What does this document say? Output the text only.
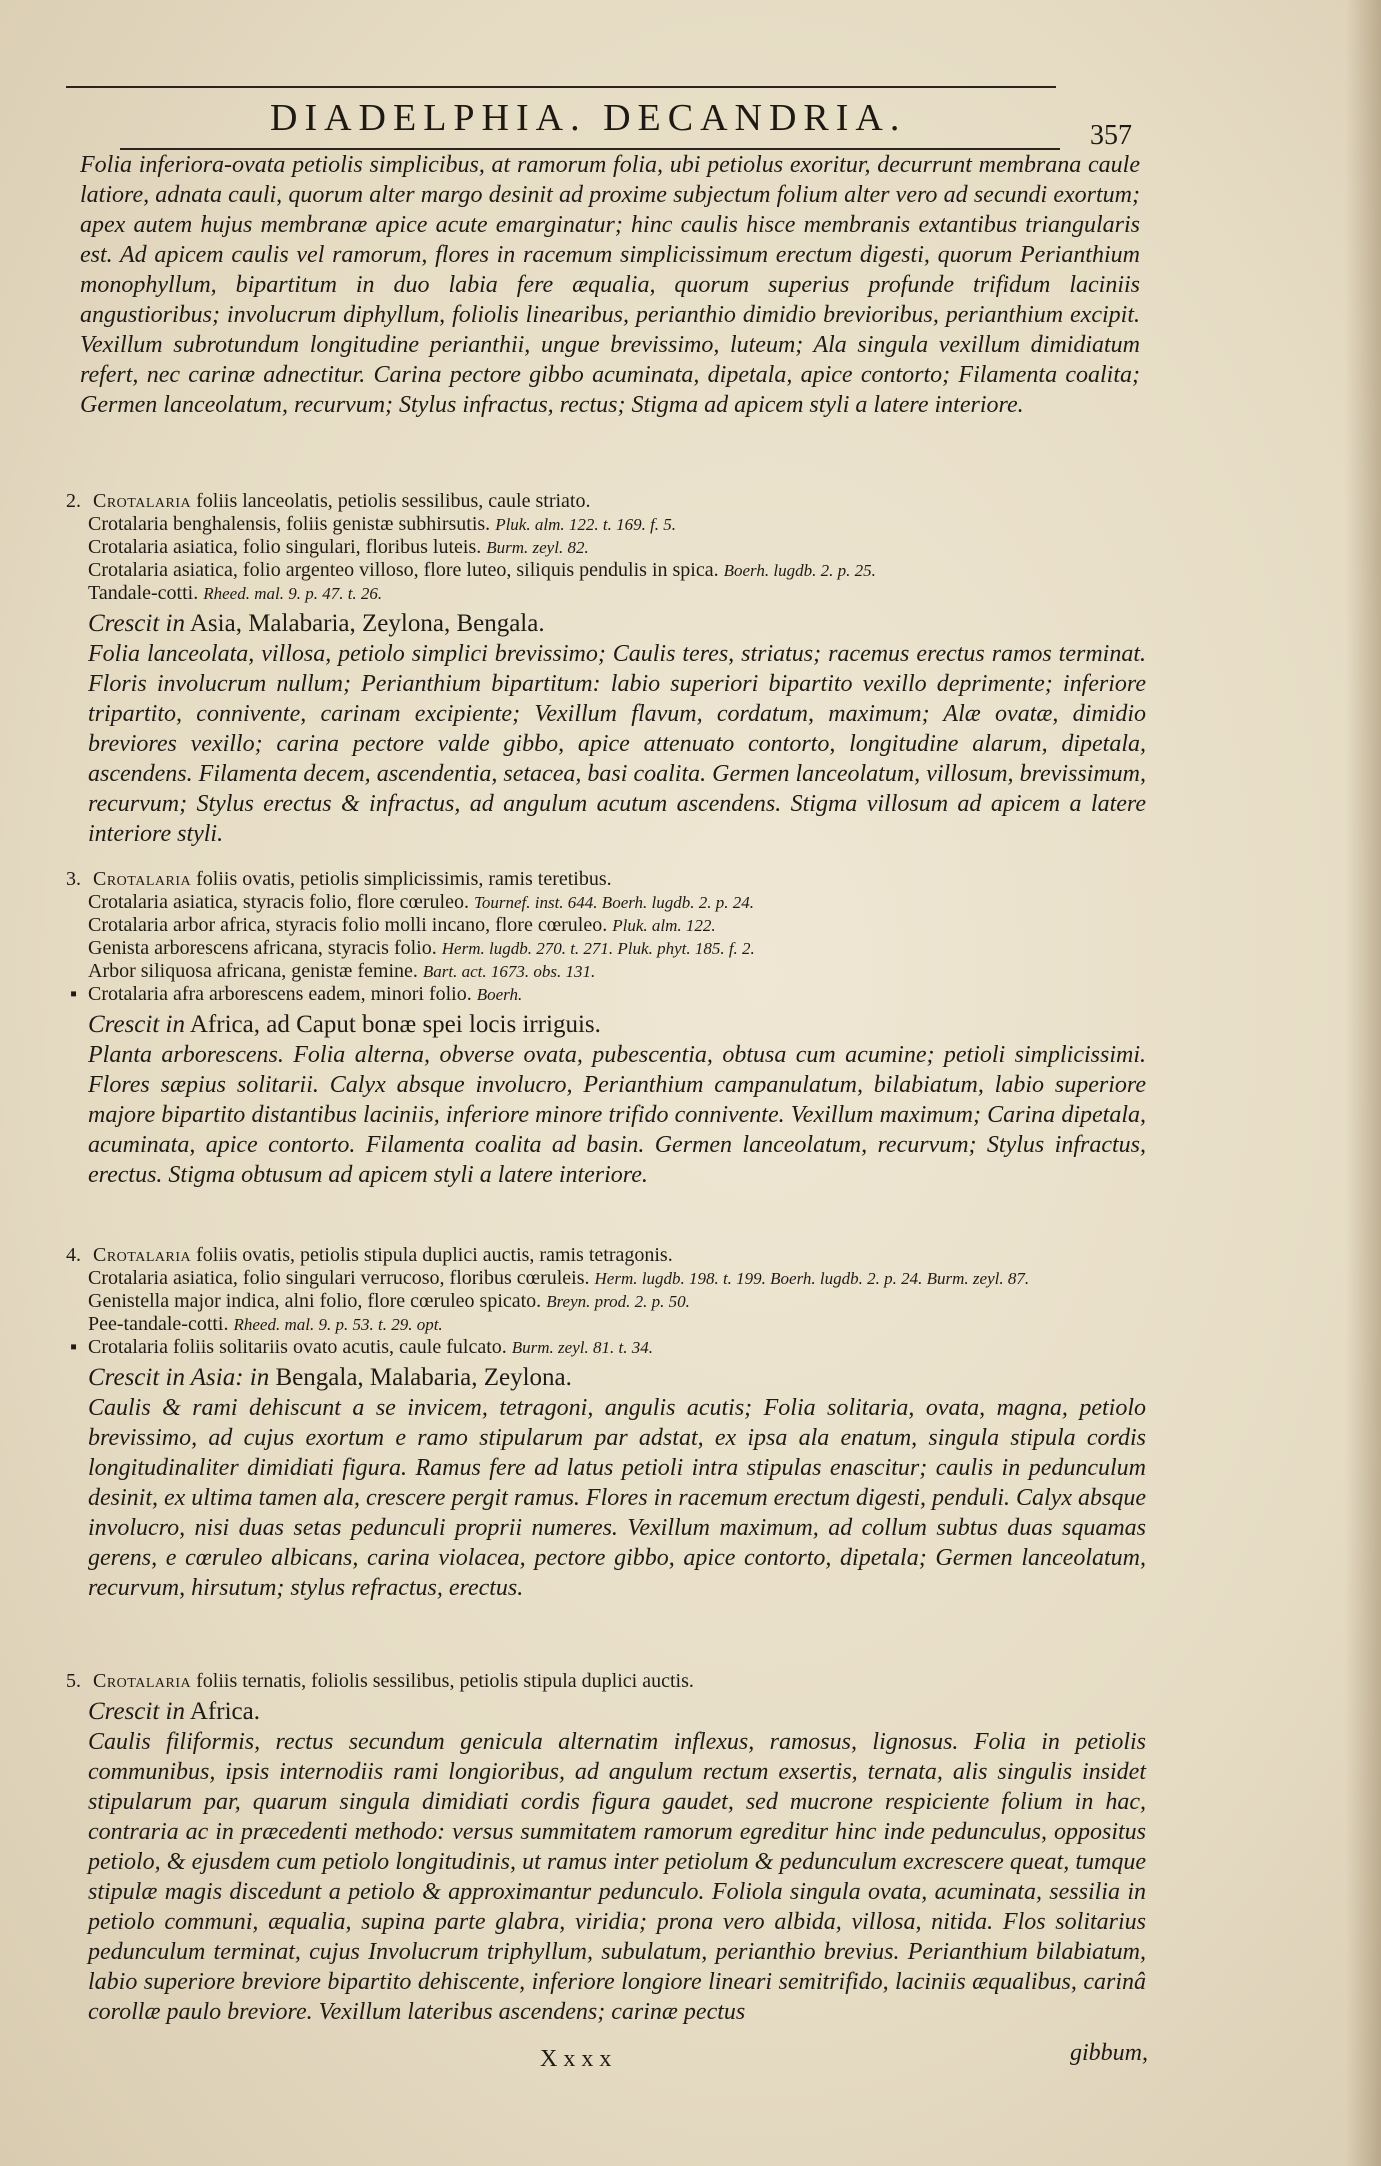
DIADELPHIA. DECANDRIA.	357

Folia inferiora-ovata petiolis simplicibus, at ramorum folia, ubi petiolus exoritur, decurrunt membrana caule latiore, adnata cauli, quorum alter margo desinit ad proxime subjectum folium alter vero ad secundi exortum; apex autem hujus membranæ apice acute emarginatur; hinc caulis hisce membranis extantibus triangularis est. Ad apicem caulis vel ramorum, flores in racemum simplicissimum erectum digesti, quorum Perianthium monophyllum, bipartitum in duo labia fere æqualia, quorum superius profunde trifidum laciniis angustioribus; involucrum diphyllum, foliolis linearibus, perianthio dimidio brevioribus, perianthium excipit. Vexillum subrotundum longitudine perianthii, ungue brevissimo, luteum; Ala singula vexillum dimidiatum refert, nec carinæ adnectitur. Carina pectore gibbo acuminata, dipetala, apice contorto; Filamenta coalita; Germen lanceolatum, recurvum; Stylus infractus, rectus; Stigma ad apicem styli a latere interiore.

2. Crotalaria foliis lanceolatis, petiolis sessilibus, caule striato.

Crotalaria benghalensis, foliis genistæ subhirsutis. Pluk. alm. 122. t. 169. f. 5.

Crotalaria asiatica, folio singulari, floribus luteis. Burm. zeyl. 82.

Crotalaria asiatica, folio argenteo villoso, flore luteo, siliquis pendulis in spica. Boerh. lugdb. 2. p. 25.

Tandale-cotti. Rheed. mal. 9. p. 47. t. 26.

Crescit in Asia, Malabaria, Zeylona, Bengala.

Folia lanceolata, villosa, petiolo simplici brevissimo; Caulis teres, striatus; racemus erectus ramos terminat. Floris involucrum nullum; Perianthium bipartitum: labio superiori bipartito vexillo deprimente; inferiore tripartito, connivente, carinam excipiente; Vexillum flavum, cordatum, maximum; Alæ ovatæ, dimidio breviores vexillo; carina pectore valde gibbo, apice attenuato contorto, longitudine alarum, dipetala, ascendens. Filamenta decem, ascendentia, setacea, basi coalita. Germen lanceolatum, villosum, brevissimum, recurvum; Stylus erectus & infractus, ad angulum acutum ascendens. Stigma villosum ad apicem a latere interiore styli.

3. Crotalaria foliis ovatis, petiolis simplicissimis, ramis teretibus.

Crotalaria asiatica, styracis folio, flore cœruleo. Tournef. inst. 644. Boerh. lugdb. 2. p. 24.

Crotalaria arbor africa, styracis folio molli incano, flore cœruleo. Pluk. alm. 122.

Genista arborescens africana, styracis folio. Herm. lugdb. 270. t. 271. Pluk. phyt. 185. f. 2.

Arbor siliquosa africana, genistæ femine. Bart. act. 1673. obs. 131.

▪ Crotalaria afra arborescens eadem, minori folio. Boerh.

Crescit in Africa, ad Caput bonæ spei locis irriguis.

Planta arborescens. Folia alterna, obverse ovata, pubescentia, obtusa cum acumine; petioli simplicissimi. Flores sæpius solitarii. Calyx absque involucro, Perianthium campanulatum, bilabiatum, labio superiore majore bipartito distantibus laciniis, inferiore minore trifido connivente. Vexillum maximum; Carina dipetala, acuminata, apice contorto. Filamenta coalita ad basin. Germen lanceolatum, recurvum; Stylus infractus, erectus. Stigma obtusum ad apicem styli a latere interiore.

4. Crotalaria foliis ovatis, petiolis stipula duplici auctis, ramis tetragonis.

Crotalaria asiatica, folio singulari verrucoso, floribus cœruleis. Herm. lugdb. 198. t. 199. Boerh. lugdb. 2. p. 24. Burm. zeyl. 87.

Genistella major indica, alni folio, flore cœruleo spicato. Breyn. prod. 2. p. 50.

Pee-tandale-cotti. Rheed. mal. 9. p. 53. t. 29. opt.

▪ Crotalaria foliis solitariis ovato acutis, caule fulcato. Burm. zeyl. 81. t. 34.

Crescit in Asia: in Bengala, Malabaria, Zeylona.

Caulis & rami dehiscunt a se invicem, tetragoni, angulis acutis; Folia solitaria, ovata, magna, petiolo brevissimo, ad cujus exortum e ramo stipularum par adstat, ex ipsa ala enatum, singula stipula cordis longitudinaliter dimidiati figura. Ramus fere ad latus petioli intra stipulas enascitur; caulis in pedunculum desinit, ex ultima tamen ala, crescere pergit ramus. Flores in racemum erectum digesti, penduli. Calyx absque involucro, nisi duas setas pedunculi proprii numeres. Vexillum maximum, ad collum subtus duas squamas gerens, e cœruleo albicans, carina violacea, pectore gibbo, apice contorto, dipetala; Germen lanceolatum, recurvum, hirsutum; stylus refractus, erectus.

5. Crotalaria foliis ternatis, foliolis sessilibus, petiolis stipula duplici auctis.

Crescit in Africa.

Caulis filiformis, rectus secundum genicula alternatim inflexus, ramosus, lignosus. Folia in petiolis communibus, ipsis internodiis rami longioribus, ad angulum rectum exsertis, ternata, alis singulis insidet stipularum par, quarum singula dimidiati cordis figura gaudet, sed mucrone respiciente folium in hac, contraria ac in præcedenti methodo: versus summitatem ramorum egreditur hinc inde pedunculus, oppositus petiolo, & ejusdem cum petiolo longitudinis, ut ramus inter petiolum & pedunculum excrescere queat, tumque stipulæ magis discedunt a petiolo & approximantur pedunculo. Foliola singula ovata, acuminata, sessilia in petiolo communi, æqualia, supina parte glabra, viridia; prona vero albida, villosa, nitida. Flos solitarius pedunculum terminat, cujus Involucrum triphyllum, subulatum, perianthio brevius. Perianthium bilabiatum, labio superiore breviore bipartito dehiscente, inferiore longiore lineari semitrifido, laciniis æqualibus, carinâ corollæ paulo breviore. Vexillum lateribus ascendens; carinæ pectus

Xxxx	gibbum,
